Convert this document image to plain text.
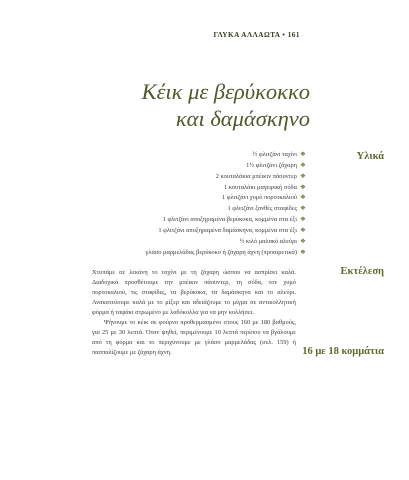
ΓΛΥΚΑ ΑΛΛΑΩΤΑ • 161
Κέικ με βερύκοκκο
και δαμάσκηνο
Υλικά
½ φλιτζάνι ταχίνι ❖
1½ φλιτζάνι ζάχαρη ❖
2 κουταλάκια μπέικιν πάουντερ ❖
1 κουταλάκι μαγειρική σόδα ❖
1 φλιτζάνι χυμό πορτοκαλιού ❖
1 φλιτζάνι ξανθές σταφίδες ❖
1 φλιτζάνι αποξηραμένα βερύκοκα, κομμένα στα έξι ❖
1 φλιτζάνι αποξηραμένα δαμάσκηνα, κομμένα στα έξι ❖
½ κιλό μαλακό αλεύρι ❖
γλάσο μαρμελάδας βερύκοκο ή ζάχαρη άχνη (προαιρετικά) ❖
Εκτέλεση

Χτυπάμε σε λεκάνη το ταχίνι με τη ζάχαρη ώσπου να ασπρίσει καλά. Διαδοχικά προσθέτουμε την μπέικιν πάουντερ, τη σόδα, τον χυμό πορτοκαλιού, τις σταφίδες, τα βερύκοκα, τα δαμάσκηνα και το αλεύρι. Ανακατεύουμε καλά με το μίξερ και αδειάζουμε το μίγμα σε αντικολλητική φόρμα ή ταψάκι στρωμένο με λαδόκολλα για να μην κολλήσει.

Ψήνουμε το κέικ σε φούρνο προθερμασμένο στους 160 με 180 βαθμούς, για 25 με 30 λεπτά. Όταν ψηθεί, περιμένουμε 10 λεπτά περίπου να βγάλουμε από τη φόρμα και το περιχύνουμε με γλάσο μαρμελάδας (σελ. 159) ή πασπαλίζουμε με ζάχαρη άχνη.	16 με 18 κομμάτια
